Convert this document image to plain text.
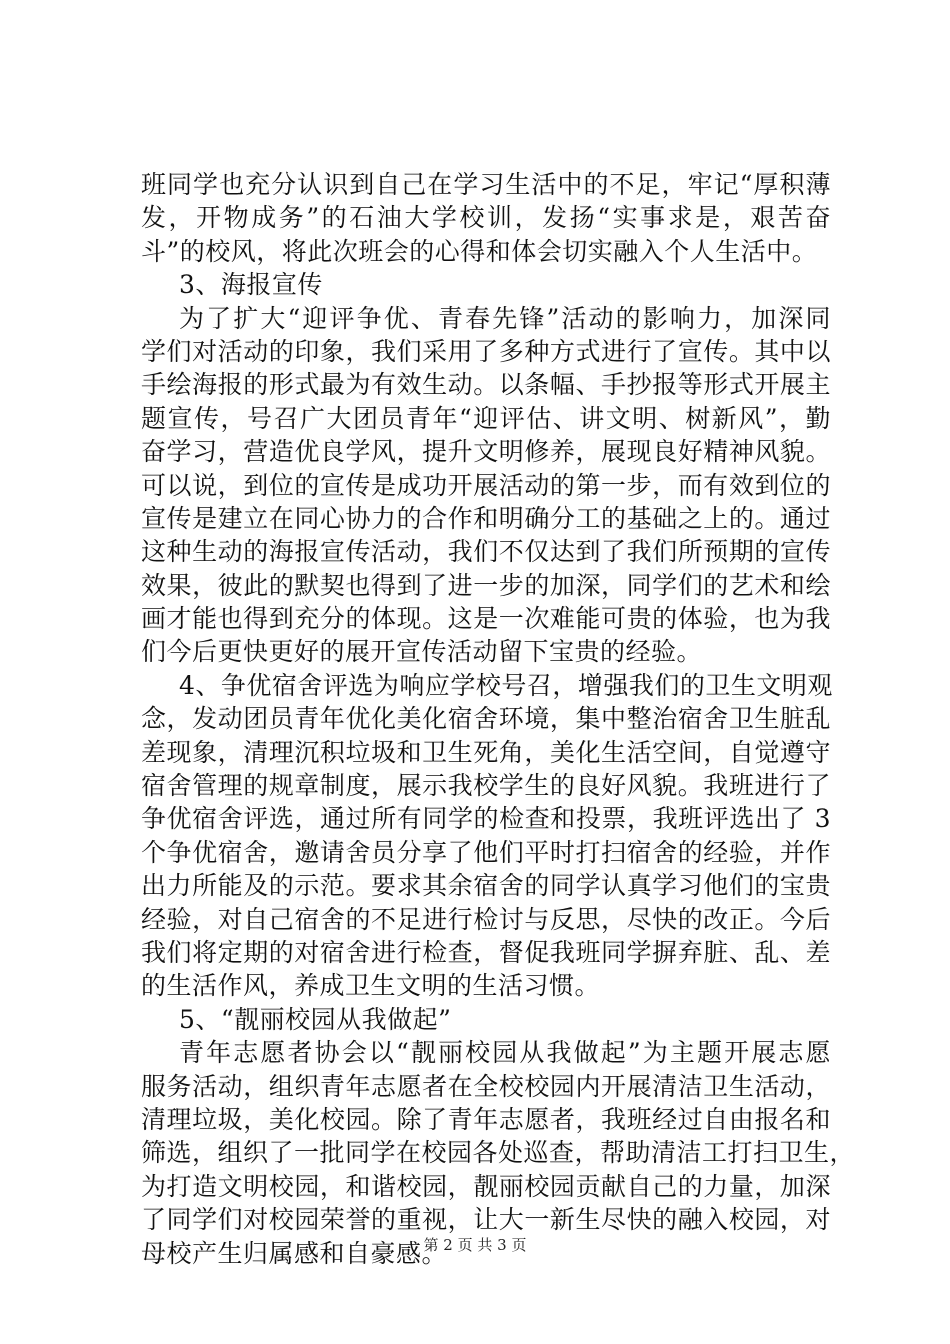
班同学也充分认识到自己在学习生活中的不足，牢记“厚积薄
发，开物成务”的石油大学校训，发扬“实事求是，艰苦奋
斗”的校风，将此次班会的心得和体会切实融入个人生活中。
3、海报宣传
为了扩大“迎评争优、青春先锋”活动的影响力，加深同
学们对活动的印象，我们采用了多种方式进行了宣传。其中以
手绘海报的形式最为有效生动。以条幅、手抄报等形式开展主
题宣传，号召广大团员青年“迎评估、讲文明、树新风”，勤
奋学习，营造优良学风，提升文明修养，展现良好精神风貌。
可以说，到位的宣传是成功开展活动的第一步，而有效到位的
宣传是建立在同心协力的合作和明确分工的基础之上的。通过
这种生动的海报宣传活动，我们不仅达到了我们所预期的宣传
效果，彼此的默契也得到了进一步的加深，同学们的艺术和绘
画才能也得到充分的体现。这是一次难能可贵的体验，也为我
们今后更快更好的展开宣传活动留下宝贵的经验。
4、争优宿舍评选为响应学校号召，增强我们的卫生文明观
念，发动团员青年优化美化宿舍环境，集中整治宿舍卫生脏乱
差现象，清理沉积垃圾和卫生死角，美化生活空间，自觉遵守
宿舍管理的规章制度，展示我校学生的良好风貌。我班进行了
争优宿舍评选，通过所有同学的检查和投票，我班评选出了 3
个争优宿舍，邀请舍员分享了他们平时打扫宿舍的经验，并作
出力所能及的示范。要求其余宿舍的同学认真学习他们的宝贵
经验，对自己宿舍的不足进行检讨与反思，尽快的改正。今后
我们将定期的对宿舍进行检查，督促我班同学摒弃脏、乱、差
的生活作风，养成卫生文明的生活习惯。
5、“靓丽校园从我做起”
青年志愿者协会以“靓丽校园从我做起”为主题开展志愿
服务活动，组织青年志愿者在全校校园内开展清洁卫生活动，
清理垃圾，美化校园。除了青年志愿者，我班经过自由报名和
筛选，组织了一批同学在校园各处巡查，帮助清洁工打扫卫生，
为打造文明校园，和谐校园，靓丽校园贡献自己的力量，加深
了同学们对校园荣誉的重视，让大一新生尽快的融入校园，对
母校产生归属感和自豪感。
第 2 页 共 3 页
